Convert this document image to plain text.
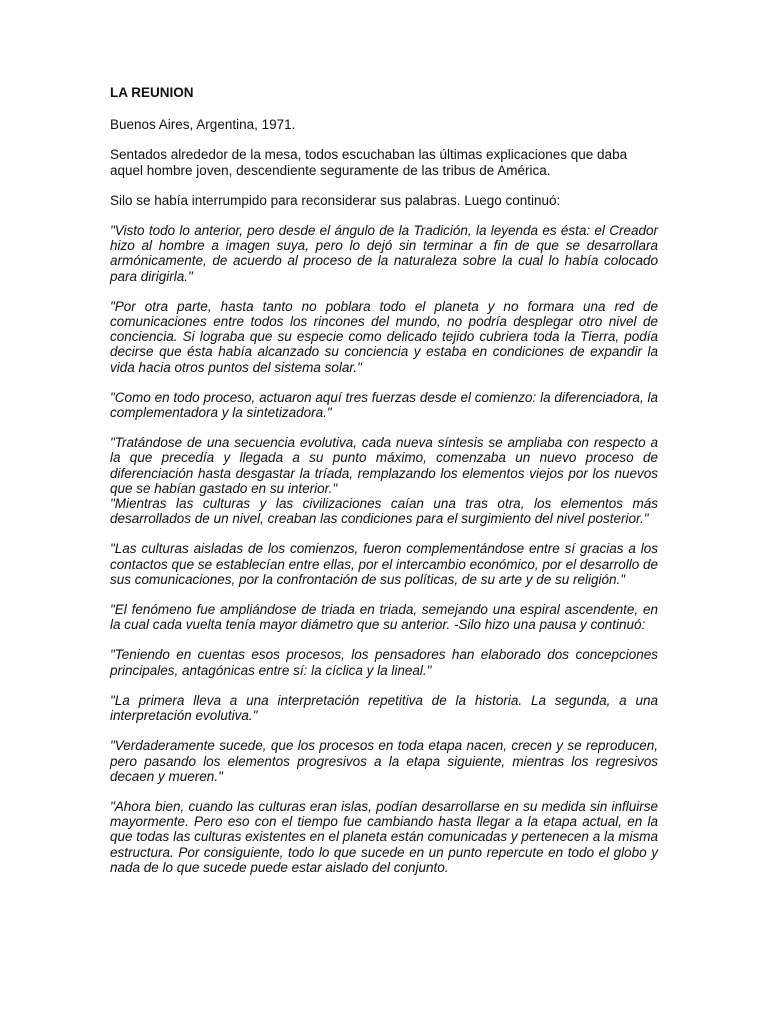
LA REUNION
Buenos Aires, Argentina, 1971.
Sentados alrededor de la mesa, todos escuchaban las últimas explicaciones que daba aquel hombre joven, descendiente seguramente de las tribus de América.
Silo se había interrumpido para reconsiderar sus palabras. Luego continuó:
"Visto todo lo anterior, pero desde el ángulo de la Tradición, la leyenda es ésta: el Creador hizo al hombre a imagen suya, pero lo dejó sin terminar a fin de que se desarrollara armónicamente, de acuerdo al proceso de la naturaleza sobre la cual lo había colocado para dirigirla."
"Por otra parte, hasta tanto no poblara todo el planeta y no formara una red de comunicaciones entre todos los rincones del mundo, no podría desplegar otro nivel de conciencia. Si lograba que su especie como delicado tejido cubriera toda la Tierra, podía decirse que ésta había alcanzado su conciencia y estaba en condiciones de expandir la vida hacia otros puntos del sistema solar."
"Como en todo proceso, actuaron aquí tres fuerzas desde el comienzo: la diferenciadora, la complementadora y la sintetizadora."
"Tratándose de una secuencia evolutiva, cada nueva síntesis se ampliaba con respecto a la que precedía y llegada a su punto máximo, comenzaba un nuevo proceso de diferenciación hasta desgastar la tríada, remplazando los elementos viejos por los nuevos que se habían gastado en su interior."
"Mientras las culturas y las civilizaciones caían una tras otra, los elementos más desarrollados de un nivel, creaban las condiciones para el surgimiento del nivel posterior."
"Las culturas aisladas de los comienzos, fueron complementándose entre sí gracias a los contactos que se establecían entre ellas, por el intercambio económico, por el desarrollo de sus comunicaciones, por la confrontación de sus políticas, de su arte y de su religión."
"El fenómeno fue ampliándose de triada en triada, semejando una espiral ascendente, en la cual cada vuelta tenía mayor diámetro que su anterior. -Silo hizo una pausa y continuó:
"Teniendo en cuentas esos procesos, los pensadores han elaborado dos concepciones principales, antagónicas entre sí: la cíclica y la lineal."
"La primera lleva a una interpretación repetitiva de la historia. La segunda, a una interpretación evolutiva."
"Verdaderamente sucede, que los procesos en toda etapa nacen, crecen y se reproducen, pero pasando los elementos progresivos a la etapa siguiente, mientras los regresivos decaen y mueren."
"Ahora bien, cuando las culturas eran islas, podían desarrollarse en su medida sin influirse mayormente. Pero eso con el tiempo fue cambiando hasta llegar a la etapa actual, en la que todas las culturas existentes en el planeta están comunicadas y pertenecen a la misma estructura. Por consiguiente, todo lo que sucede en un punto repercute en todo el globo y nada de lo que sucede puede estar aislado del conjunto.
